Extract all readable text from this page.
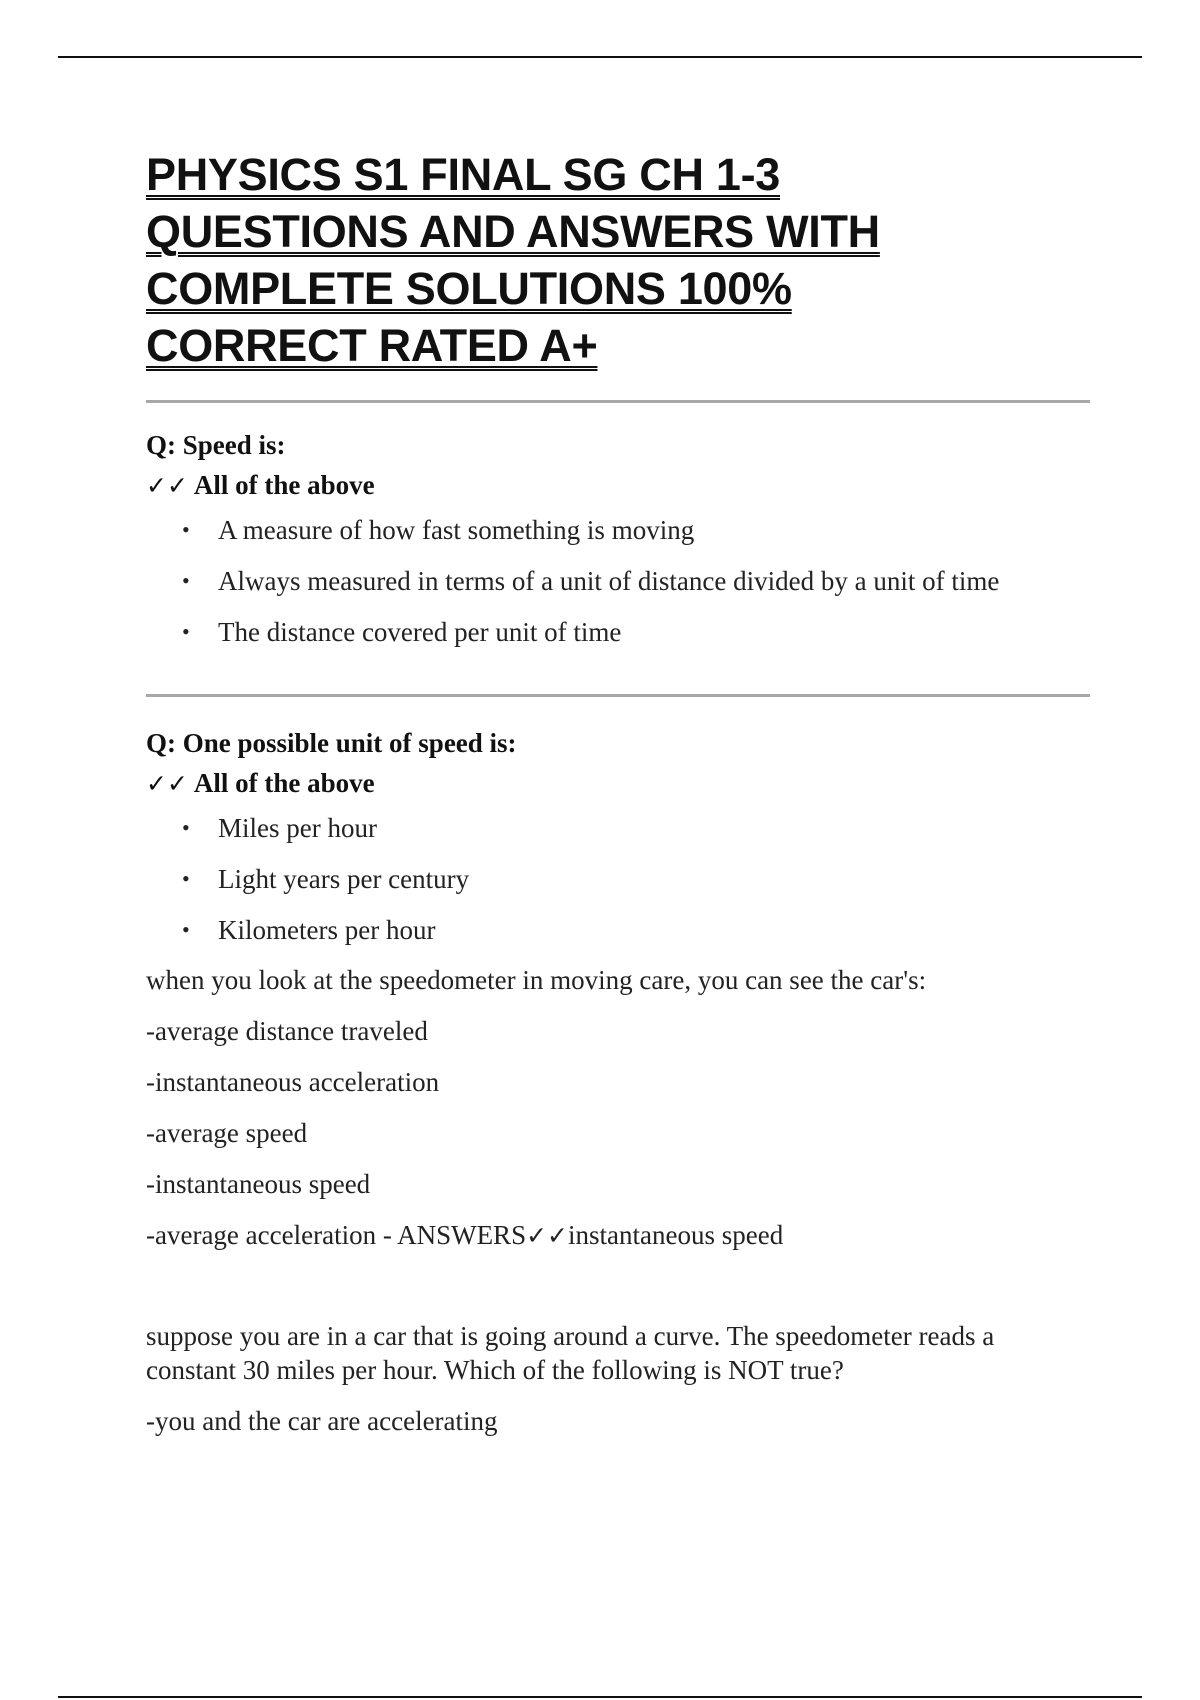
PHYSICS S1 FINAL SG CH 1-3
QUESTIONS AND ANSWERS WITH
COMPLETE SOLUTIONS 100%
CORRECT RATED A+

Q: Speed is:

✓✓ All of the above

• A measure of how fast something is moving
• Always measured in terms of a unit of distance divided by a unit of time
• The distance covered per unit of time

Q: One possible unit of speed is:

✓✓ All of the above

• Miles per hour
• Light years per century
• Kilometers per hour

when you look at the speedometer in moving care, you can see the car's:

-average distance traveled

-instantaneous acceleration

-average speed

-instantaneous speed

-average acceleration - ANSWERS✓✓instantaneous speed

suppose you are in a car that is going around a curve. The speedometer reads a constant 30 miles per hour. Which of the following is NOT true?

-you and the car are accelerating
